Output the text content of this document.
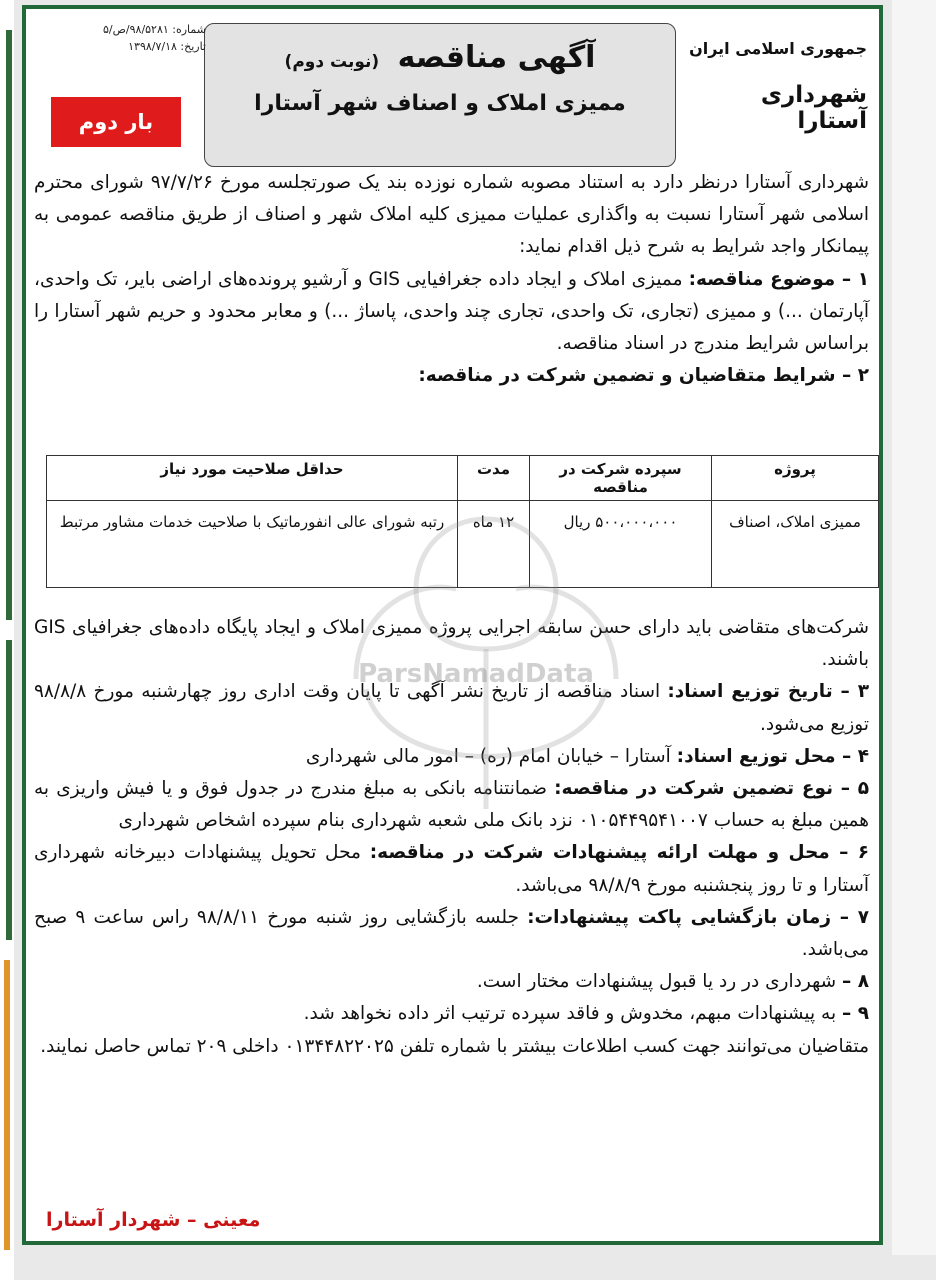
جمهوری اسلامی ایران
شهرداری آستارا
آگهی مناقصه (نوبت دوم)
ممیزی املاک و اصناف شهر آستارا
شماره: ۹۸/۵۲۸۱/ص/۵
تاریخ: ۱۳۹۸/۷/۱۸
بار دوم

شهرداری آستارا درنظر دارد به استناد مصوبه شماره نوزده بند یک صورتجلسه مورخ ۹۷/۷/۲۶ شورای محترم اسلامی شهر آستارا نسبت به واگذاری عملیات ممیزی کلیه املاک شهر و اصناف از طریق مناقصه عمومی به پیمانکار واجد شرایط به شرح ذیل اقدام نماید:

۱ – موضوع مناقصه: ممیزی املاک و ایجاد داده جغرافیایی GIS و آرشیو پرونده‌های اراضی بایر، تک واحدی، آپارتمان ...) و ممیزی (تجاری، تک واحدی، تجاری چند واحدی، پاساژ ...) و معابر محدود و حریم شهر آستارا را براساس شرایط مندرج در اسناد مناقصه.

۲ – شرایط متقاضیان و تضمین شرکت در مناقصه:

پروژه	سپرده شرکت در مناقصه	مدت	حداقل صلاحیت مورد نیاز
ممیزی املاک، اصناف	۵۰۰،۰۰۰،۰۰۰ ریال	۱۲ ماه	رتبه شورای عالی انفورماتیک با صلاحیت خدمات مشاور مرتبط

شرکت‌های متقاضی باید دارای حسن سابقه اجرایی پروژه ممیزی املاک و ایجاد پایگاه داده‌های جغرافیای GIS باشند.

۳ – تاریخ توزیع اسناد: اسناد مناقصه از تاریخ نشر آگهی تا پایان وقت اداری روز چهارشنبه مورخ ۹۸/۸/۸ توزیع می‌شود.

۴ – محل توزیع اسناد: آستارا – خیابان امام (ره) – امور مالی شهرداری

۵ – نوع تضمین شرکت در مناقصه: ضمانتنامه بانکی به مبلغ مندرج در جدول فوق و یا فیش واریزی به همین مبلغ به حساب ۰۱۰۵۴۴۹۵۴۱۰۰۷ نزد بانک ملی شعبه شهرداری بنام سپرده اشخاص شهرداری

۶ – محل و مهلت ارائه پیشنهادات شرکت در مناقصه: محل تحویل پیشنهادات دبیرخانه شهرداری آستارا و تا روز پنجشنبه مورخ ۹۸/۸/۹ می‌باشد.

۷ – زمان بازگشایی پاکت پیشنهادات: جلسه بازگشایی روز شنبه مورخ ۹۸/۸/۱۱ راس ساعت ۹ صبح می‌باشد.

۸ – شهرداری در رد یا قبول پیشنهادات مختار است.

۹ – به پیشنهادات مبهم، مخدوش و فاقد سپرده ترتیب اثر داده نخواهد شد.

متقاضیان می‌توانند جهت کسب اطلاعات بیشتر با شماره تلفن ۰۱۳۴۴۸۲۲۰۲۵ داخلی ۲۰۹ تماس حاصل نمایند.

معینی – شهردار آستارا
ParsNamadData
